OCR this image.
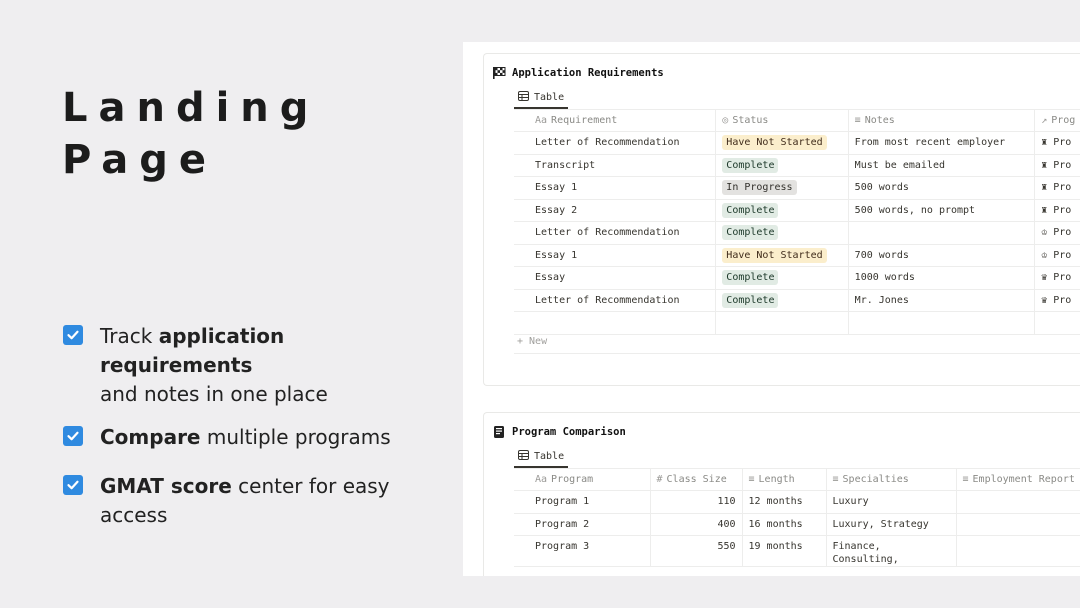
Landing
Page
Track application requirements
and notes in one place
Compare multiple programs
GMAT score center for easy access
Application Requirements
Table
Aa Requirement	◎ Status	≡ Notes	↗ Prog
Letter of Recommendation	Have Not Started	From most recent employer	♜ Pro
Transcript	Complete	Must be emailed	♜ Pro
Essay 1	In Progress	500 words	♜ Pro
Essay 2	Complete	500 words, no prompt	♜ Pro
Letter of Recommendation	Complete		♔ Pro
Essay 1	Have Not Started	700 words	♔ Pro
Essay	Complete	1000 words	♛ Pro
Letter of Recommendation	Complete	Mr. Jones	♛ Pro

+ New
Program Comparison
Table
Aa Program	# Class Size	≡ Length	≡ Specialties	≡ Employment Report
Program 1	110	12 months	Luxury	
Program 2	400	16 months	Luxury, Strategy	
Program 3	550	19 months	Finance, Consulting,	
